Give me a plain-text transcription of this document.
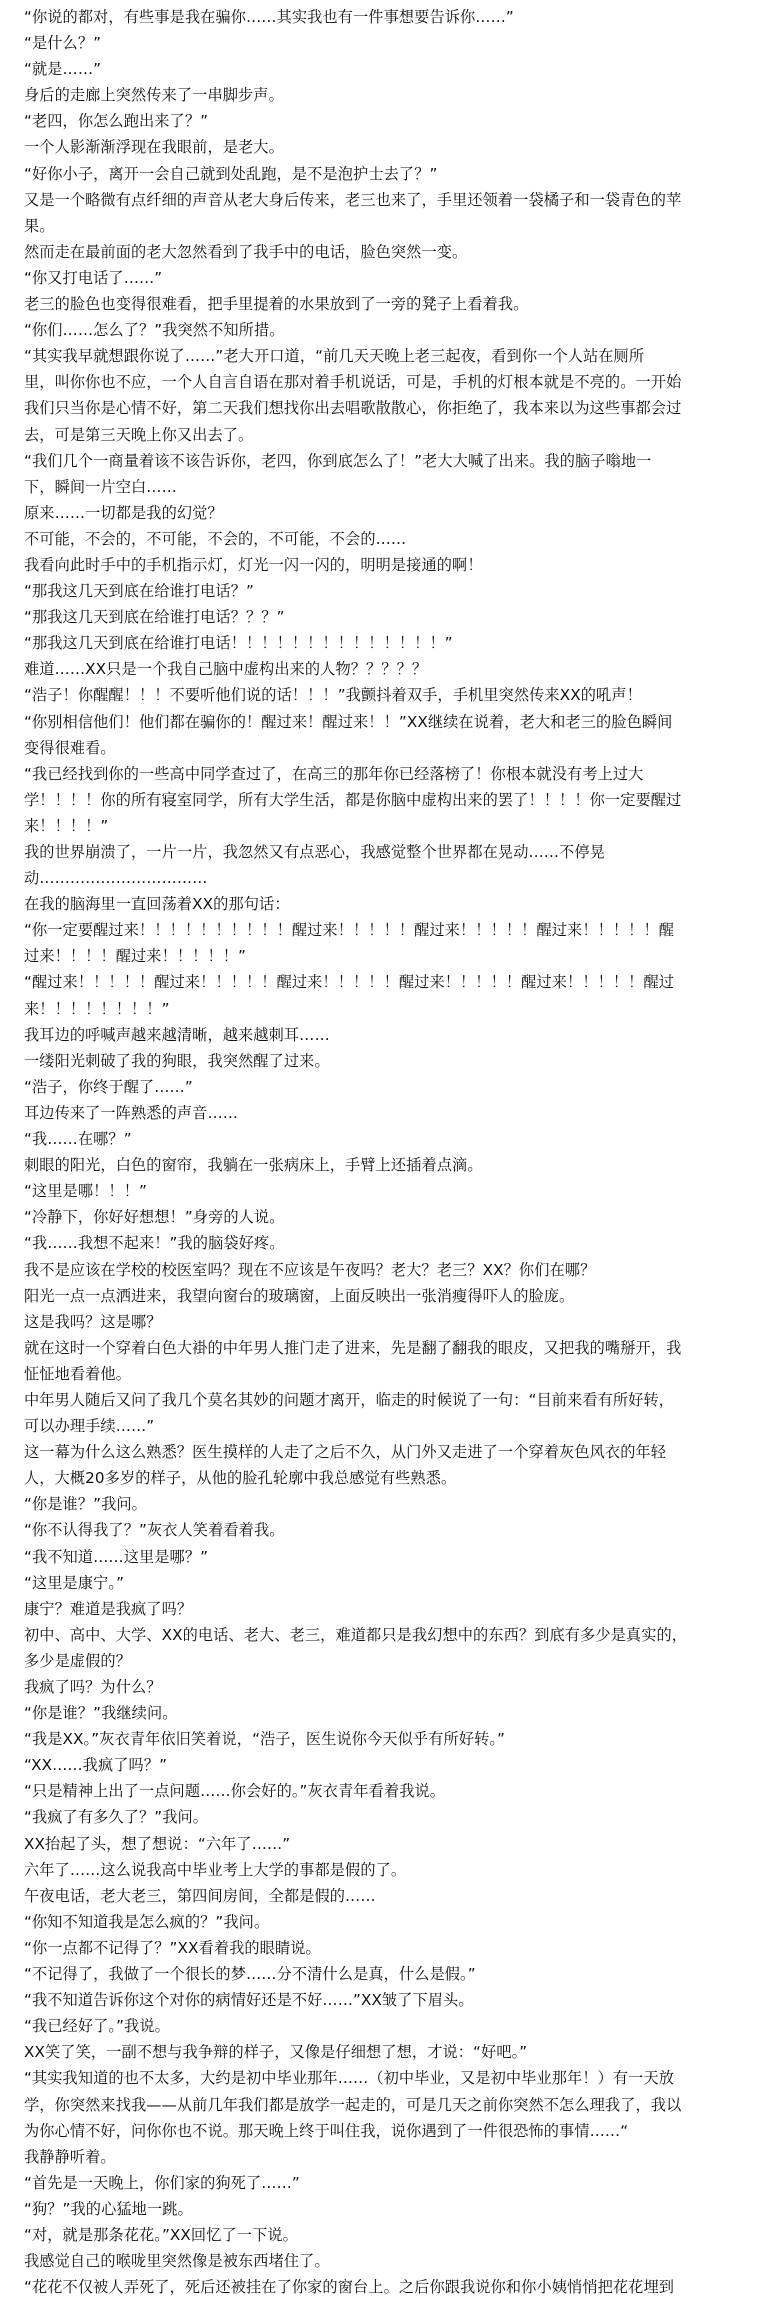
“你说的都对，有些事是我在骗你……其实我也有一件事想要告诉你……”
“是什么？”
“就是……”
身后的走廊上突然传来了一串脚步声。
“老四，你怎么跑出来了？”
一个人影渐渐浮现在我眼前，是老大。
“好你小子，离开一会自己就到处乱跑，是不是泡护士去了？”
又是一个略微有点纤细的声音从老大身后传来，老三也来了，手里还领着一袋橘子和一袋青色的苹
果。
然而走在最前面的老大忽然看到了我手中的电话，脸色突然一变。
“你又打电话了……”
老三的脸色也变得很难看，把手里提着的水果放到了一旁的凳子上看着我。
“你们……怎么了？”我突然不知所措。
“其实我早就想跟你说了……”老大开口道，“前几天天晚上老三起夜，看到你一个人站在厕所
里，叫你你也不应，一个人自言自语在那对着手机说话，可是，手机的灯根本就是不亮的。一开始
我们只当你是心情不好，第二天我们想找你出去唱歌散散心，你拒绝了，我本来以为这些事都会过
去，可是第三天晚上你又出去了。
“我们几个一商量着该不该告诉你，老四，你到底怎么了！”老大大喊了出来。我的脑子嗡地一
下，瞬间一片空白……
原来……一切都是我的幻觉？
不可能，不会的，不可能，不会的，不可能，不会的……
我看向此时手中的手机指示灯，灯光一闪一闪的，明明是接通的啊！
“那我这几天到底在给谁打电话？”
“那我这几天到底在给谁打电话？？？”
“那我这几天到底在给谁打电话！！！！！！！！！！！！！！”
难道……XX只是一个我自己脑中虚构出来的人物？？？？？
“浩子！你醒醒！！！不要听他们说的话！！！”我颤抖着双手，手机里突然传来XX的吼声！
“你别相信他们！他们都在骗你的！醒过来！醒过来！！”XX继续在说着，老大和老三的脸色瞬间
变得很难看。
“我已经找到你的一些高中同学查过了，在高三的那年你已经落榜了！你根本就没有考上过大
学！！！！你的所有寝室同学，所有大学生活，都是你脑中虚构出来的罢了！！！！你一定要醒过
来！！！！”
我的世界崩溃了，一片一片，我忽然又有点恶心，我感觉整个世界都在晃动……不停晃
动……………………………
在我的脑海里一直回荡着XX的那句话：
“你一定要醒过来！！！！！！！！！！醒过来！！！！！醒过来！！！！！醒过来！！！！！醒
过来！！！！醒过来！！！！！”
“醒过来！！！！！醒过来！！！！！醒过来！！！！！醒过来！！！！！醒过来！！！！！醒过
来！！！！！！！！”
我耳边的呼喊声越来越清晰，越来越刺耳……
一缕阳光刺破了我的狗眼，我突然醒了过来。
“浩子，你终于醒了……”
耳边传来了一阵熟悉的声音……
“我……在哪？”
刺眼的阳光，白色的窗帘，我躺在一张病床上，手臂上还插着点滴。
“这里是哪！！！”
“冷静下，你好好想想！”身旁的人说。
“我……我想不起来！”我的脑袋好疼。
我不是应该在学校的校医室吗？现在不应该是午夜吗？老大？老三？XX？你们在哪？
阳光一点一点洒进来，我望向窗台的玻璃窗，上面反映出一张消瘦得吓人的脸庞。
这是我吗？这是哪？
就在这时一个穿着白色大褂的中年男人推门走了进来，先是翻了翻我的眼皮，又把我的嘴掰开，我
怔怔地看着他。
中年男人随后又问了我几个莫名其妙的问题才离开，临走的时候说了一句：“目前来看有所好转，
可以办理手续……”
这一幕为什么这么熟悉？医生摸样的人走了之后不久，从门外又走进了一个穿着灰色风衣的年轻
人，大概20多岁的样子，从他的脸孔轮廓中我总感觉有些熟悉。
“你是谁？”我问。
“你不认得我了？”灰衣人笑着看着我。
“我不知道……这里是哪？”
“这里是康宁。”
康宁？难道是我疯了吗？
初中、高中、大学、XX的电话、老大、老三，难道都只是我幻想中的东西？到底有多少是真实的，
多少是虚假的？
我疯了吗？为什么？
“你是谁？”我继续问。
“我是XX。”灰衣青年依旧笑着说，“浩子，医生说你今天似乎有所好转。”
“XX……我疯了吗？”
“只是精神上出了一点问题……你会好的。”灰衣青年看着我说。
“我疯了有多久了？”我问。
XX抬起了头，想了想说：“六年了……”
六年了……这么说我高中毕业考上大学的事都是假的了。
午夜电话，老大老三，第四间房间，全都是假的……
“你知不知道我是怎么疯的？”我问。
“你一点都不记得了？”XX看着我的眼睛说。
“不记得了，我做了一个很长的梦……分不清什么是真，什么是假。”
“我不知道告诉你这个对你的病情好还是不好……”XX皱了下眉头。
“我已经好了。”我说。
XX笑了笑，一副不想与我争辩的样子，又像是仔细想了想，才说：“好吧。”
“其实我知道的也不太多，大约是初中毕业那年……（初中毕业，又是初中毕业那年！）有一天放
学，你突然来找我——从前几年我们都是放学一起走的，可是几天之前你突然不怎么理我了，我以
为你心情不好，问你你也不说。那天晚上终于叫住我，说你遇到了一件很恐怖的事情……“
我静静听着。
“首先是一天晚上，你们家的狗死了……”
“狗？”我的心猛地一跳。
“对，就是那条花花。”XX回忆了一下说。
我感觉自己的喉咙里突然像是被东西堵住了。
“花花不仅被人弄死了，死后还被挂在了你家的窗台上。之后你跟我说你和你小姨悄悄把花花埋到
